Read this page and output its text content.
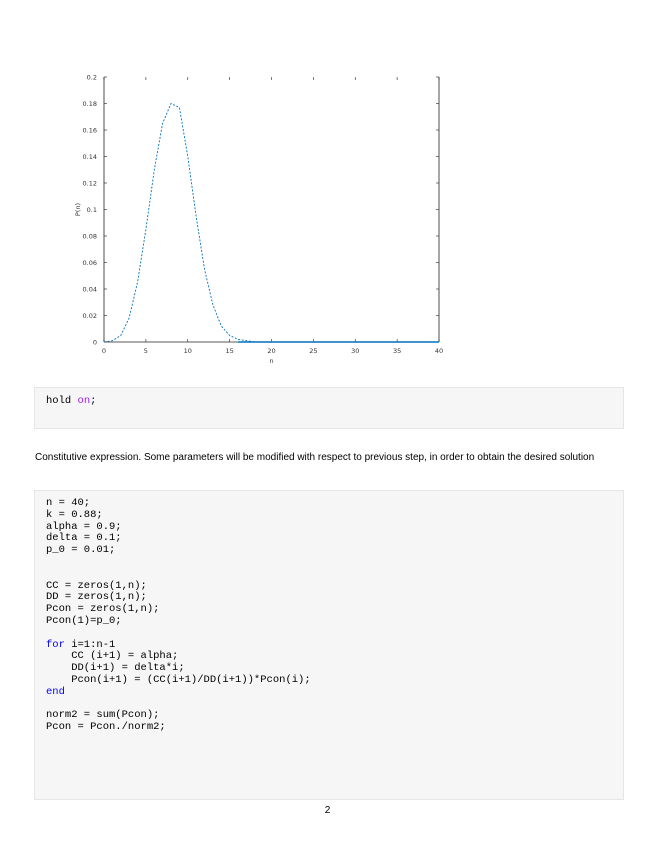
0
0.02
0.04
0.06
0.08
0.1
0.12
0.14
0.16
0.18
0.2
0	5	10	15	20	25	30	35	40
n
P(n)
hold on;
Constitutive expression. Some parameters will be modified with respect to previous step, in order to obtain the desired solution
n = 40;
k = 0.88;
alpha = 0.9;
delta = 0.1;
p_0 = 0.01;

CC = zeros(1,n);
DD = zeros(1,n);
Pcon = zeros(1,n);
Pcon(1)=p_0;

for i=1:n-1
CC (i+1) = alpha;
DD(i+1) = delta*i;
Pcon(i+1) = (CC(i+1)/DD(i+1))*Pcon(i);
end

norm2 = sum(Pcon);
Pcon = Pcon./norm2;
2
